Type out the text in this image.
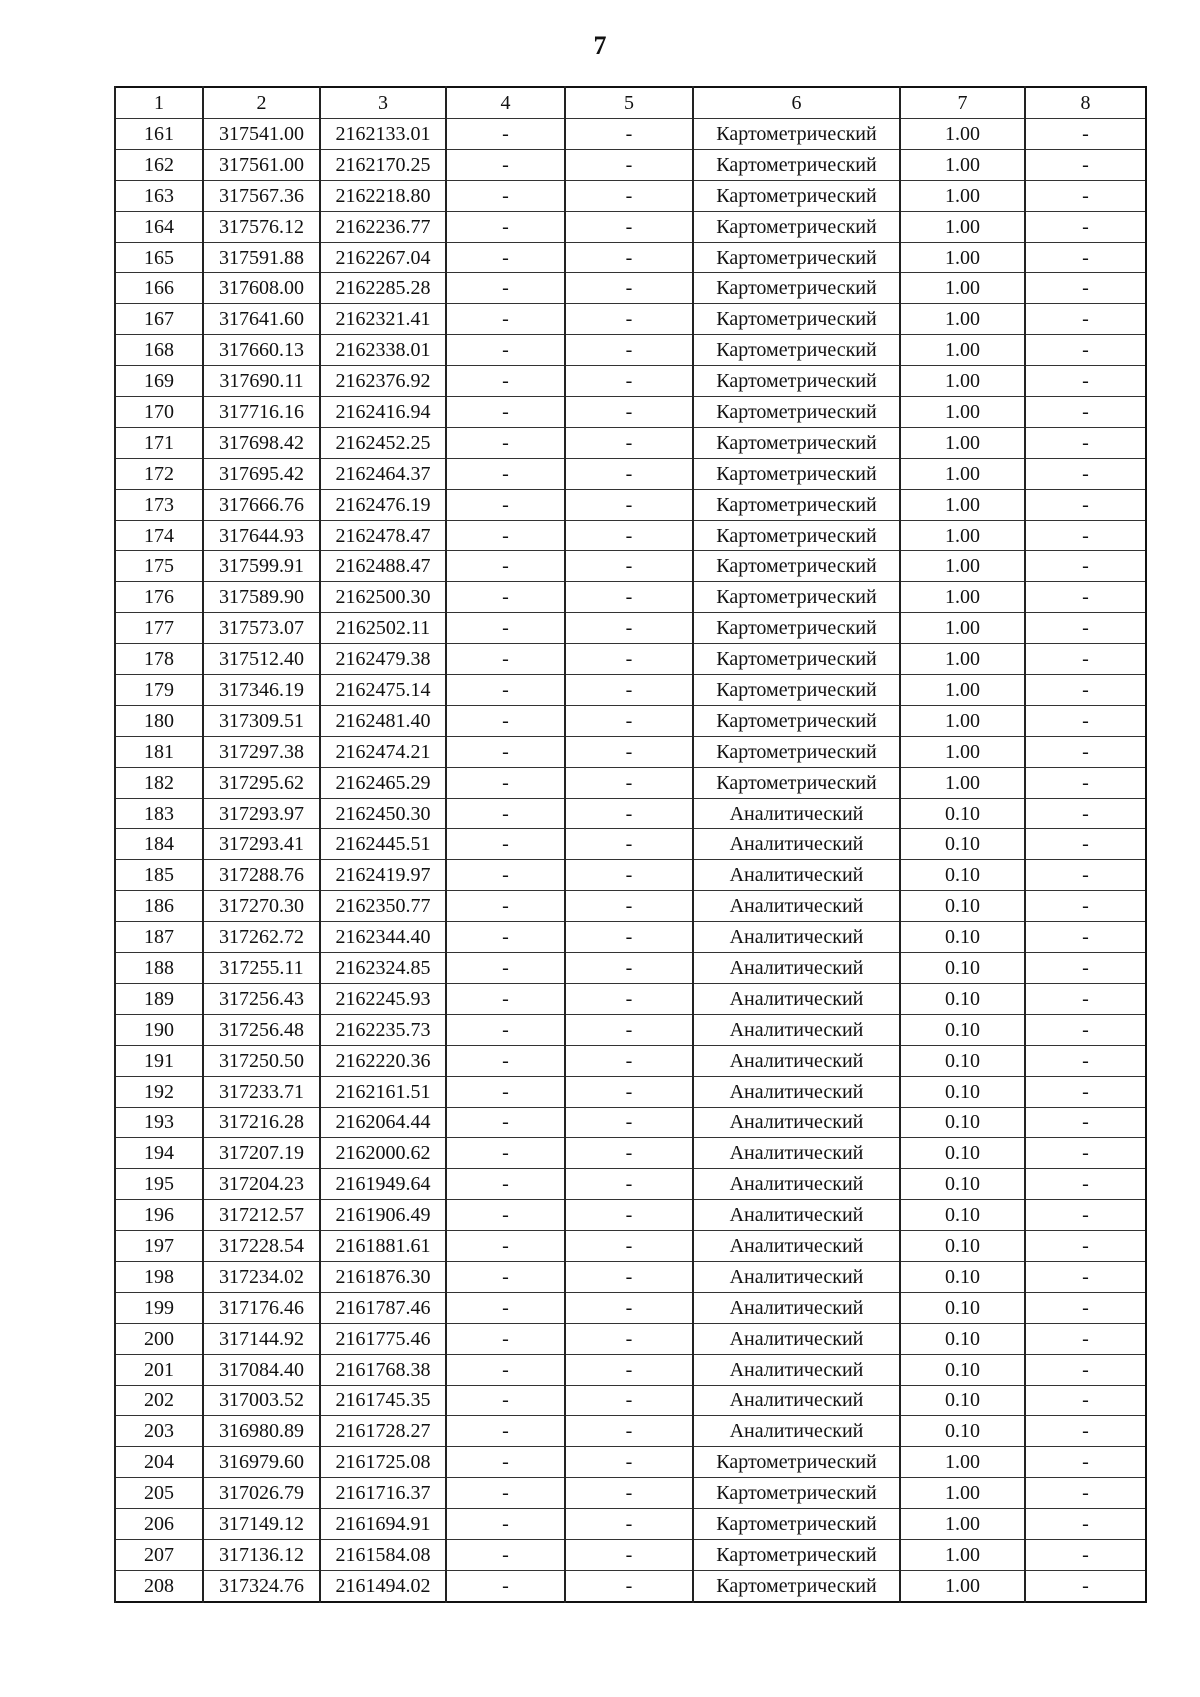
7
1	2	3	4	5	6	7	8
161	317541.00	2162133.01	-	-	Картометрический	1.00	-
162	317561.00	2162170.25	-	-	Картометрический	1.00	-
163	317567.36	2162218.80	-	-	Картометрический	1.00	-
164	317576.12	2162236.77	-	-	Картометрический	1.00	-
165	317591.88	2162267.04	-	-	Картометрический	1.00	-
166	317608.00	2162285.28	-	-	Картометрический	1.00	-
167	317641.60	2162321.41	-	-	Картометрический	1.00	-
168	317660.13	2162338.01	-	-	Картометрический	1.00	-
169	317690.11	2162376.92	-	-	Картометрический	1.00	-
170	317716.16	2162416.94	-	-	Картометрический	1.00	-
171	317698.42	2162452.25	-	-	Картометрический	1.00	-
172	317695.42	2162464.37	-	-	Картометрический	1.00	-
173	317666.76	2162476.19	-	-	Картометрический	1.00	-
174	317644.93	2162478.47	-	-	Картометрический	1.00	-
175	317599.91	2162488.47	-	-	Картометрический	1.00	-
176	317589.90	2162500.30	-	-	Картометрический	1.00	-
177	317573.07	2162502.11	-	-	Картометрический	1.00	-
178	317512.40	2162479.38	-	-	Картометрический	1.00	-
179	317346.19	2162475.14	-	-	Картометрический	1.00	-
180	317309.51	2162481.40	-	-	Картометрический	1.00	-
181	317297.38	2162474.21	-	-	Картометрический	1.00	-
182	317295.62	2162465.29	-	-	Картометрический	1.00	-
183	317293.97	2162450.30	-	-	Аналитический	0.10	-
184	317293.41	2162445.51	-	-	Аналитический	0.10	-
185	317288.76	2162419.97	-	-	Аналитический	0.10	-
186	317270.30	2162350.77	-	-	Аналитический	0.10	-
187	317262.72	2162344.40	-	-	Аналитический	0.10	-
188	317255.11	2162324.85	-	-	Аналитический	0.10	-
189	317256.43	2162245.93	-	-	Аналитический	0.10	-
190	317256.48	2162235.73	-	-	Аналитический	0.10	-
191	317250.50	2162220.36	-	-	Аналитический	0.10	-
192	317233.71	2162161.51	-	-	Аналитический	0.10	-
193	317216.28	2162064.44	-	-	Аналитический	0.10	-
194	317207.19	2162000.62	-	-	Аналитический	0.10	-
195	317204.23	2161949.64	-	-	Аналитический	0.10	-
196	317212.57	2161906.49	-	-	Аналитический	0.10	-
197	317228.54	2161881.61	-	-	Аналитический	0.10	-
198	317234.02	2161876.30	-	-	Аналитический	0.10	-
199	317176.46	2161787.46	-	-	Аналитический	0.10	-
200	317144.92	2161775.46	-	-	Аналитический	0.10	-
201	317084.40	2161768.38	-	-	Аналитический	0.10	-
202	317003.52	2161745.35	-	-	Аналитический	0.10	-
203	316980.89	2161728.27	-	-	Аналитический	0.10	-
204	316979.60	2161725.08	-	-	Картометрический	1.00	-
205	317026.79	2161716.37	-	-	Картометрический	1.00	-
206	317149.12	2161694.91	-	-	Картометрический	1.00	-
207	317136.12	2161584.08	-	-	Картометрический	1.00	-
208	317324.76	2161494.02	-	-	Картометрический	1.00	-
